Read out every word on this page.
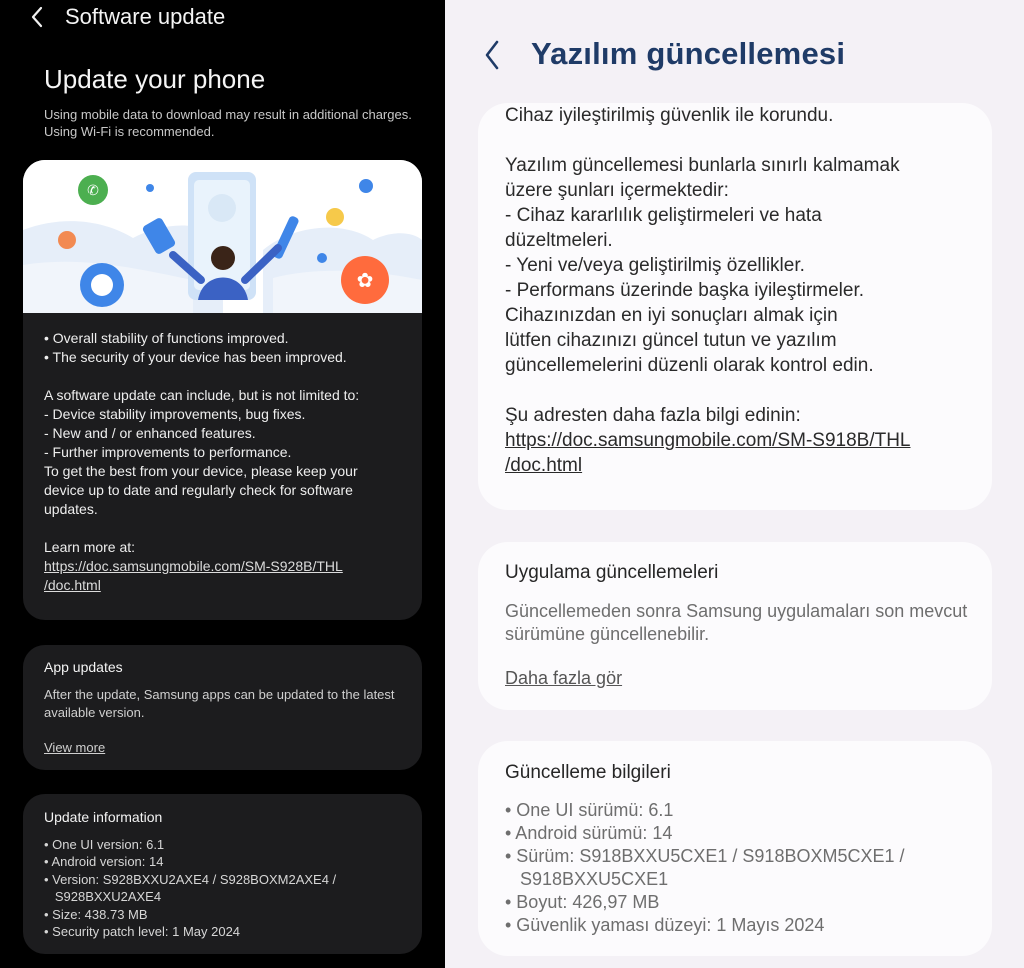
Software update
Update your phone
Using mobile data to download may result in additional charges. Using Wi-Fi is recommended.
✆
✿
• Overall stability of functions improved.
• The security of your device has been improved.
A software update can include, but is not limited to:
- Device stability improvements, bug fixes.
- New and / or enhanced features.
- Further improvements to performance.
To get the best from your device, please keep your
device up to date and regularly check for software
updates.
Learn more at:
https://doc.samsungmobile.com/SM-S928B/THL
/doc.html
App updates
After the update, Samsung apps can be updated to the latest available version.
View more
Update information
• One UI version: 6.1
• Android version: 14
• Version: S928BXXU2AXE4 / S928BOXM2AXE4 /
S928BXXU2AXE4
• Size: 438.73 MB
• Security patch level: 1 May 2024
Yazılım güncellemesi
Cihaz iyileştirilmiş güvenlik ile korundu.
Yazılım güncellemesi bunlarla sınırlı kalmamak
üzere şunları içermektedir:
- Cihaz kararlılık geliştirmeleri ve hata
düzeltmeleri.
- Yeni ve/veya geliştirilmiş özellikler.
- Performans üzerinde başka iyileştirmeler.
Cihazınızdan en iyi sonuçları almak için
lütfen cihazınızı güncel tutun ve yazılım
güncellemelerini düzenli olarak kontrol edin.
Şu adresten daha fazla bilgi edinin:
https://doc.samsungmobile.com/SM-S918B/THL
/doc.html
Uygulama güncellemeleri
Güncellemeden sonra Samsung uygulamaları son mevcut sürümüne güncellenebilir.
Daha fazla gör
Güncelleme bilgileri
• One UI sürümü: 6.1
• Android sürümü: 14
• Sürüm: S918BXXU5CXE1 / S918BOXM5CXE1 /
S918BXXU5CXE1
• Boyut: 426,97 MB
• Güvenlik yaması düzeyi: 1 Mayıs 2024
